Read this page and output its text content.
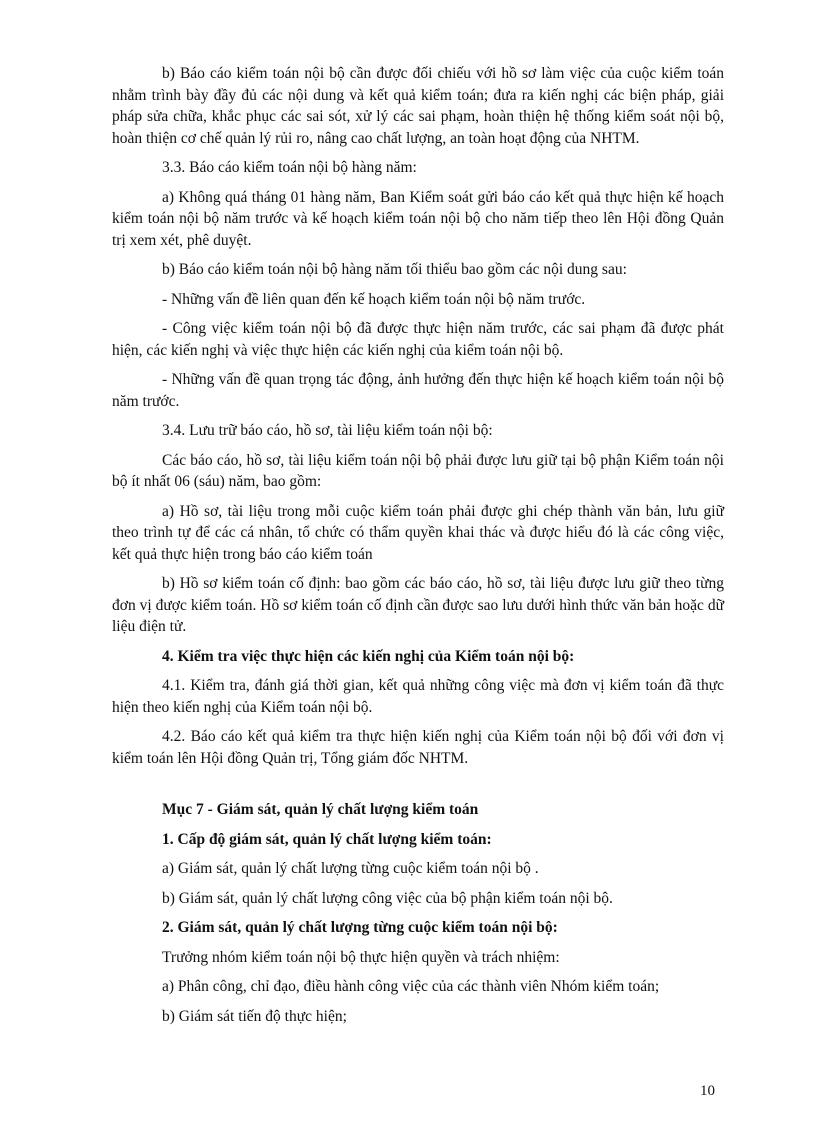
b) Báo cáo kiểm toán nội bộ cần được đối chiếu với hồ sơ làm việc của cuộc kiểm toán nhằm trình bày đầy đủ các nội dung và kết quả kiểm toán; đưa ra kiến nghị các biện pháp, giải pháp sửa chữa, khắc phục các sai sót, xử lý các sai phạm, hoàn thiện hệ thống kiểm soát nội bộ, hoàn thiện cơ chế quản lý rủi ro, nâng cao chất lượng, an toàn hoạt động của NHTM.

3.3. Báo cáo kiểm toán nội bộ hàng năm:

a) Không quá tháng 01 hàng năm, Ban Kiểm soát gửi báo cáo kết quả thực hiện kế hoạch kiểm toán nội bộ năm trước và kế hoạch kiểm toán nội bộ cho năm tiếp theo lên Hội đồng Quản trị xem xét, phê duyệt.

b) Báo cáo kiểm toán nội bộ hàng năm tối thiểu bao gồm các nội dung sau:

- Những vấn đề liên quan đến kế hoạch kiểm toán nội bộ năm trước.

- Công việc kiểm toán nội bộ đã được thực hiện năm trước, các sai phạm đã được phát hiện, các kiến nghị và việc thực hiện các kiến nghị của kiểm toán nội bộ.

- Những vấn đề quan trọng tác động, ảnh hưởng đến thực hiện kế hoạch kiểm toán nội bộ năm trước.

3.4. Lưu trữ báo cáo, hồ sơ, tài liệu kiểm toán nội bộ:

Các báo cáo, hồ sơ, tài liệu kiểm toán nội bộ phải được lưu giữ tại bộ phận Kiểm toán nội bộ ít nhất 06 (sáu) năm, bao gồm:

a) Hồ sơ, tài liệu trong mỗi cuộc kiểm toán phải được ghi chép thành văn bản, lưu giữ theo trình tự để các cá nhân, tổ chức có thẩm quyền khai thác và được hiểu đó là các công việc, kết quả thực hiện trong báo cáo kiểm toán

b) Hồ sơ kiểm toán cố định: bao gồm các báo cáo, hồ sơ, tài liệu được lưu giữ theo từng đơn vị được kiểm toán. Hồ sơ kiểm toán cố định cần được sao lưu dưới hình thức văn bản hoặc dữ liệu điện tử.

4. Kiểm tra việc thực hiện các kiến nghị của Kiểm toán nội bộ:

4.1. Kiểm tra, đánh giá thời gian, kết quả những công việc mà đơn vị kiểm toán đã thực hiện theo kiến nghị của Kiểm toán nội bộ.

4.2. Báo cáo kết quả kiểm tra thực hiện kiến nghị của Kiểm toán nội bộ đối với đơn vị kiểm toán lên Hội đồng Quản trị, Tổng giám đốc NHTM.

Mục 7 - Giám sát, quản lý chất lượng kiểm toán

1. Cấp độ giám sát, quản lý chất lượng kiểm toán:

a) Giám sát, quản lý chất lượng từng cuộc kiểm toán nội bộ .

b) Giám sát, quản lý chất lượng công việc của bộ phận kiểm toán nội bộ.

2. Giám sát, quản lý chất lượng từng cuộc kiểm toán nội bộ:

Trưởng nhóm kiểm toán nội bộ thực hiện quyền và trách nhiệm:

a) Phân công, chỉ đạo, điều hành công việc của các thành viên Nhóm kiểm toán;

b) Giám sát tiến độ thực hiện;

10
